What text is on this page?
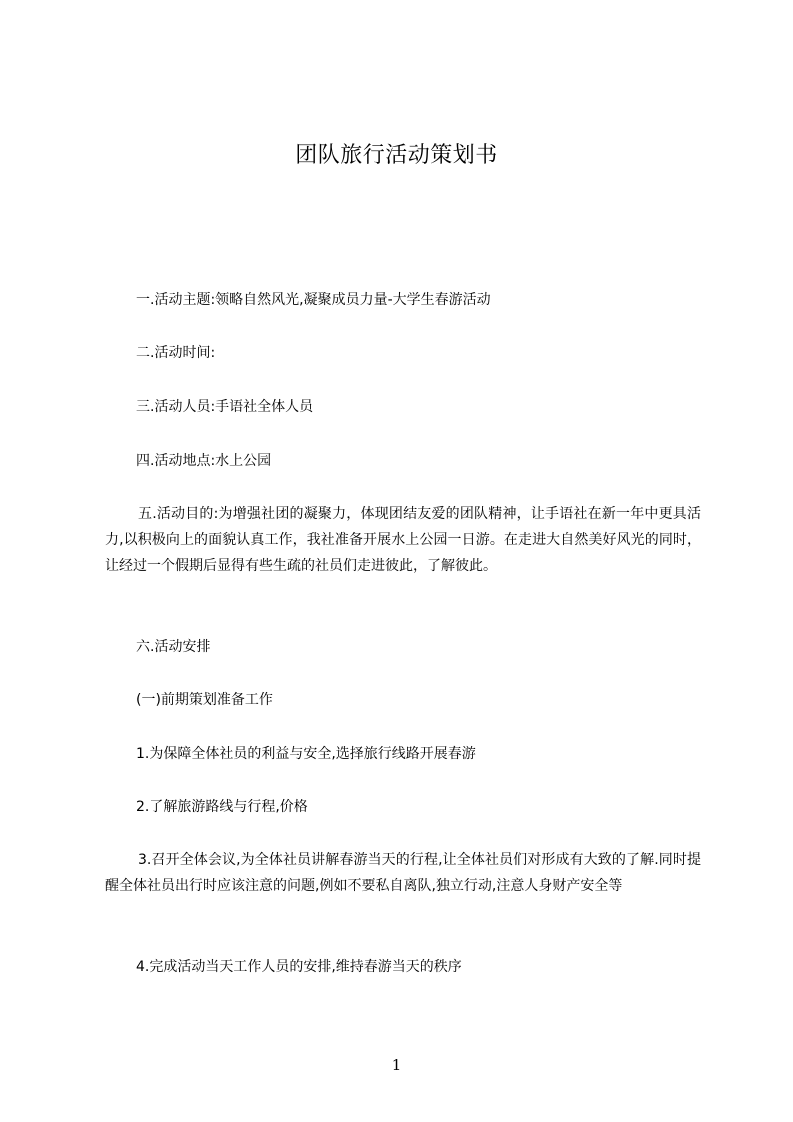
团队旅行活动策划书

一.活动主题:领略自然风光,凝聚成员力量-大学生春游活动

二.活动时间:

三.活动人员:手语社全体人员

四.活动地点:水上公园

五.活动目的:为增强社团的凝聚力，体现团结友爱的团队精神，让手语社在新一年中更具活力,以积极向上的面貌认真工作，我社准备开展水上公园一日游。在走进大自然美好风光的同时，让经过一个假期后显得有些生疏的社员们走进彼此，了解彼此。

六.活动安排

(一)前期策划准备工作

1.为保障全体社员的利益与安全,选择旅行线路开展春游

2.了解旅游路线与行程,价格

3.召开全体会议,为全体社员讲解春游当天的行程,让全体社员们对形成有大致的了解.同时提醒全体社员出行时应该注意的问题,例如不要私自离队,独立行动,注意人身财产安全等

4.完成活动当天工作人员的安排,维持春游当天的秩序

1
